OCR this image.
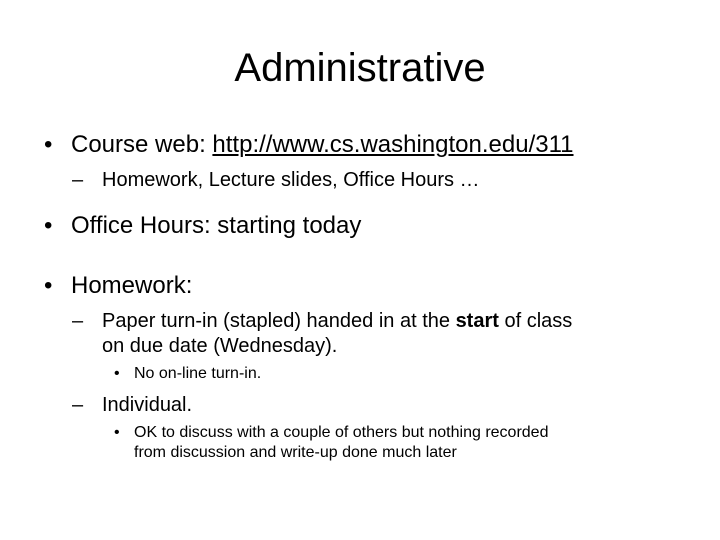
Administrative
• Course web: http://www.cs.washington.edu/311
– Homework, Lecture slides, Office Hours …
• Office Hours: starting today
• Homework:
– Paper turn-in (stapled) handed in at the start of class
on due date (Wednesday).
• No on-line turn-in.
– Individual.
• OK to discuss with a couple of others but nothing recorded
from discussion and write-up done much later
